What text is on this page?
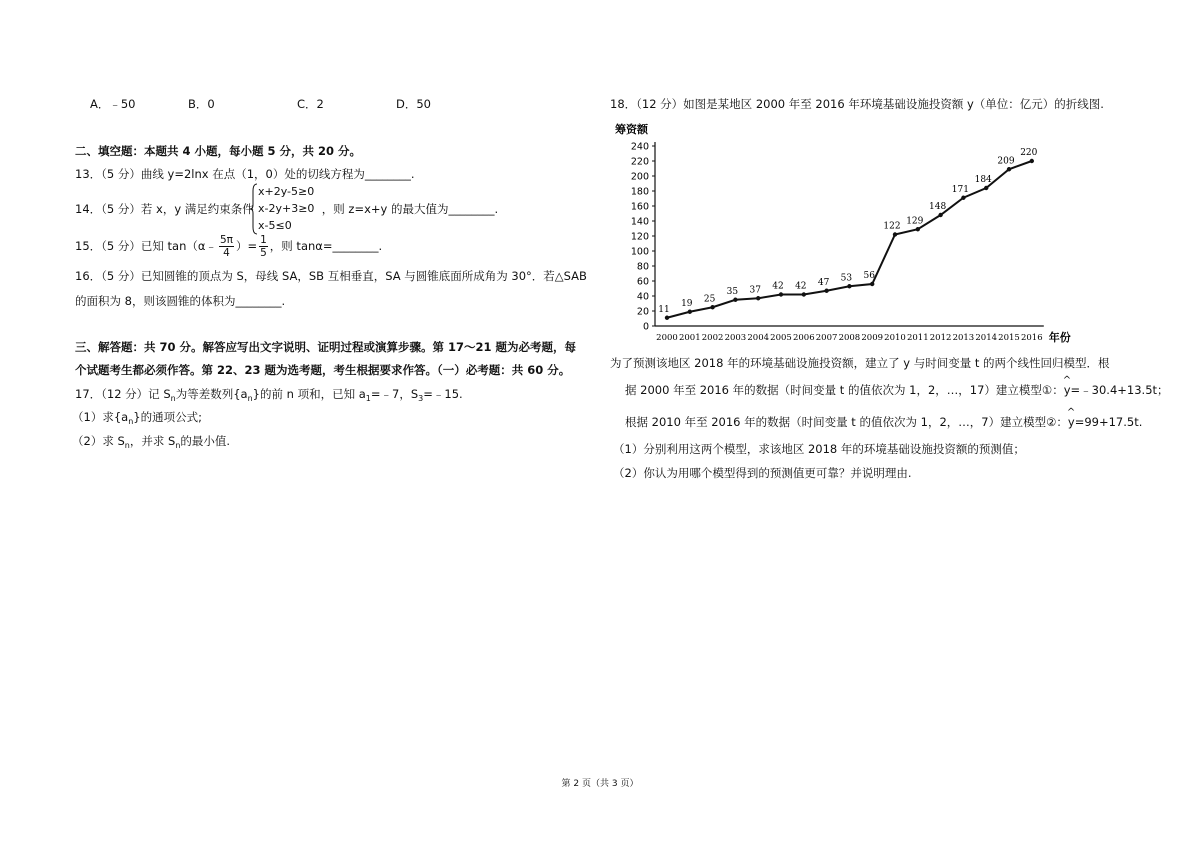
A．﹣50	B．0	C．2	D．50
二、填空题：本题共 4 小题，每小题 5 分，共 20 分。
13．（5 分）曲线 y=2lnx 在点（1，0）处的切线方程为________.
14．（5 分）若 x，y 满足约束条件	，则 z=x+y 的最大值为________.
x+2y-5≥0
x-2y+3≥0
x-5≤0
15．（5 分）已知 tan（α﹣ $\frac{5\pi}{4}$ ）= $\frac{1}{5}$ ，则 tanα=________.
16．（5 分）已知圆锥的顶点为 S，母线 SA，SB 互相垂直，SA 与圆锥底面所成角为 30°．若△SAB
的面积为 8，则该圆锥的体积为________.
三、解答题：共 70 分。解答应写出文字说明、证明过程或演算步骤。第 17～21 题为必考题，每
个试题考生都必须作答。第 22、23 题为选考题，考生根据要求作答。（一）必考题：共 60 分。
17．（12 分）记 $S_n$为等差数列$\{a_n\}$的前 n 项和，已知 $a_1=﹣7$，$S_3=﹣15$.
（1）求$\{a_n\}$的通项公式;
（2）求 $S_n$，并求 $S_n$的最小值.
18．（12 分）如图是某地区 2000 年至 2016 年环境基础设施投资额 y（单位：亿元）的折线图.
为了预测该地区 2018 年的环境基础设施投资额，建立了 y 与时间变量 t 的两个线性回归模型．根
据 2000 年至 2016 年的数据（时间变量 t 的值依次为 1，2，…，17）建立模型①：
^
y=﹣30.4+13.5t；
根据 2010 年至 2016 年的数据（时间变量 t 的值依次为 1，2，…，7）建立模型②：
^
y=99+17.5t.
（1）分别利用这两个模型，求该地区 2018 年的环境基础设施投资额的预测值；
（2）你认为用哪个模型得到的预测值更可靠？并说明理由.
0
20
40
60
80
100
120
140
160
180
200
220
240
2000 2001 2002 2003 2004 2005 2006 2007 2008 2009 2010 2011 2012 2013 2014 2015 2016
筹资额
年份
11
19 25
35 37 42 42 47 53 56
122
129
148
171
184
209
220
第 2 页（共 3 页）
